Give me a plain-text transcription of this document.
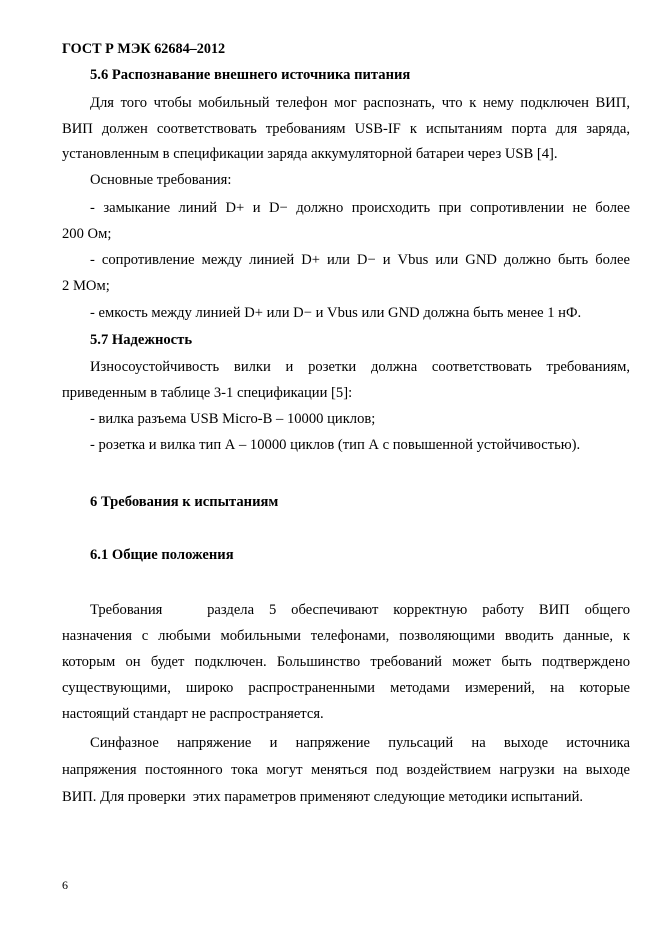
ГОСТ Р МЭК 62684–2012

5.6 Распознавание внешнего источника питания

Для того чтобы мобильный телефон мог распознать, что к нему подключен ВИП,

ВИП должен соответствовать требованиям USB-IF к испытаниям порта для заряда,

установленным в спецификации заряда аккумуляторной батареи через USB [4].

Основные требования:

- замыкание линий D+ и D− должно происходить при сопротивлении не более

200 Ом;

- сопротивление между линией D+ или D− и Vbus или GND должно быть более

2 МОм;

- емкость между линией D+ или D− и Vbus или GND должна быть менее 1 нФ.

5.7 Надежность

Износоустойчивость вилки и розетки должна соответствовать требованиям,

приведенным в таблице 3-1 спецификации [5]:

- вилка разъема USB Micro-B – 10000 циклов;

- розетка и вилка тип А – 10000 циклов (тип А с повышенной устойчивостью).

6 Требования к испытаниям

6.1 Общие положения

Требования   раздела 5 обеспечивают корректную работу ВИП общего

назначения с любыми мобильными телефонами, позволяющими вводить данные, к

которым он будет подключен. Большинство требований может быть подтверждено

существующими, широко распространенными методами измерений, на которые

настоящий стандарт не распространяется.

Синфазное напряжение и напряжение пульсаций на выходе источника

напряжения постоянного тока могут меняться под воздействием нагрузки на выходе

ВИП. Для проверки  этих параметров применяют следующие методики испытаний.

6
